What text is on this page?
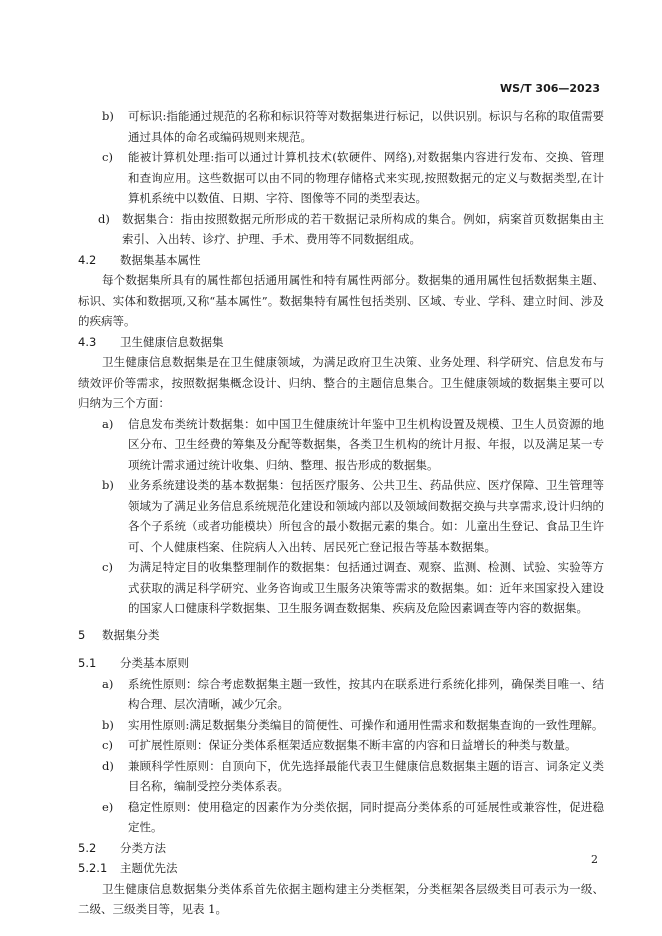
WS/T 306—2023
b)	可标识:指能通过规范的名称和标识符等对数据集进行标记，以供识别。标识与名称的取值需要通过具体的命名或编码规则来规范。
c)	能被计算机处理:指可以通过计算机技术(软硬件、网络),对数据集内容进行发布、交换、管理和查询应用。这些数据可以由不同的物理存储格式来实现,按照数据元的定义与数据类型,在计算机系统中以数值、日期、字符、图像等不同的类型表达。
d)	数据集合：指由按照数据元所形成的若干数据记录所构成的集合。例如，病案首页数据集由主索引、入出转、诊疗、护理、手术、费用等不同数据组成。
4.2	数据集基本属性
每个数据集所具有的属性都包括通用属性和特有属性两部分。数据集的通用属性包括数据集主题、标识、实体和数据项,又称“基本属性”。数据集特有属性包括类别、区域、专业、学科、建立时间、涉及的疾病等。
4.3	卫生健康信息数据集
卫生健康信息数据集是在卫生健康领域，为满足政府卫生决策、业务处理、科学研究、信息发布与绩效评价等需求，按照数据集概念设计、归纳、整合的主题信息集合。卫生健康领域的数据集主要可以归纳为三个方面：
a)	信息发布类统计数据集：如中国卫生健康统计年鉴中卫生机构设置及规模、卫生人员资源的地区分布、卫生经费的筹集及分配等数据集，各类卫生机构的统计月报、年报，以及满足某一专项统计需求通过统计收集、归纳、整理、报告形成的数据集。
b)	业务系统建设类的基本数据集：包括医疗服务、公共卫生、药品供应、医疗保障、卫生管理等领域为了满足业务信息系统规范化建设和领域内部以及领域间数据交换与共享需求,设计归纳的各个子系统（或者功能模块）所包含的最小数据元素的集合。如：儿童出生登记、食品卫生许可、个人健康档案、住院病人入出转、居民死亡登记报告等基本数据集。
c)	为满足特定目的收集整理制作的数据集：包括通过调查、观察、监测、检测、试验、实验等方式获取的满足科学研究、业务咨询或卫生服务决策等需求的数据集。如：近年来国家投入建设的国家人口健康科学数据集、卫生服务调查数据集、疾病及危险因素调查等内容的数据集。
5	数据集分类
5.1	分类基本原则
a)	系统性原则：综合考虑数据集主题一致性，按其内在联系进行系统化排列，确保类目唯一、结构合理、层次清晰，减少冗余。
b)	实用性原则:满足数据集分类编目的简便性、可操作和通用性需求和数据集查询的一致性理解。
c)	可扩展性原则：保证分类体系框架适应数据集不断丰富的内容和日益增长的种类与数量。
d)	兼顾科学性原则：自顶向下，优先选择最能代表卫生健康信息数据集主题的语言、词条定义类目名称，编制受控分类体系表。
e)	稳定性原则：使用稳定的因素作为分类依据，同时提高分类体系的可延展性或兼容性，促进稳定性。
5.2	分类方法
5.2.1	主题优先法
卫生健康信息数据集分类体系首先依据主题构建主分类框架，分类框架各层级类目可表示为一级、二级、三级类目等，见表 1。
2
